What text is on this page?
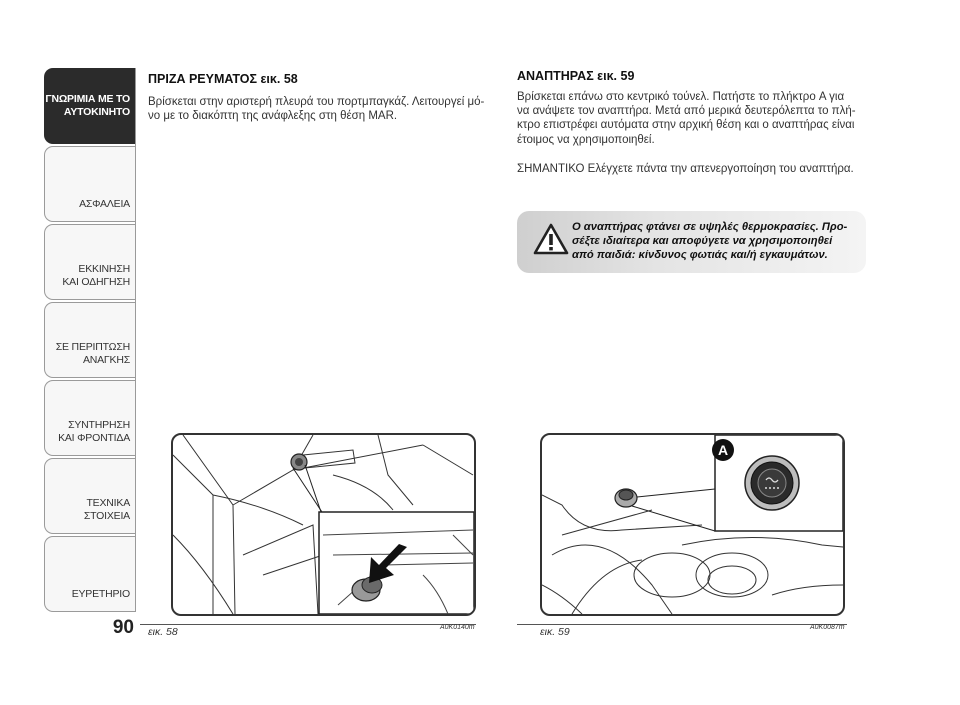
ΓΝΩΡΙΜΙΑ ΜΕ ΤΟ
ΑΥΤΟΚΙΝΗΤΟ
ΑΣΦΑΛΕΙΑ
ΕΚΚΙΝΗΣΗ
ΚΑΙ ΟΔΗΓΗΣΗ
ΣΕ ΠΕΡΙΠΤΩΣΗ
ΑΝΑΓΚΗΣ
ΣΥΝΤΗΡΗΣΗ
ΚΑΙ ΦΡΟΝΤΙΔΑ
ΤΕΧΝΙΚΑ
ΣΤΟΙΧΕΙΑ
ΕΥΡΕΤΗΡΙΟ
90
ΠΡΙΖΑ ΡΕΥΜΑΤΟΣ εικ. 58
Βρίσκεται στην αριστερή πλευρά του πορτμπαγκάζ. Λειτουργεί μό-
νο με το διακόπτη της ανάφλεξης στη θέση MAR.
ΑΝΑΠΤΗΡΑΣ εικ. 59
Βρίσκεται επάνω στο κεντρικό τούνελ. Πατήστε το πλήκτρο A για
να ανάψετε τον αναπτήρα. Μετά από μερικά δευτερόλεπτα το πλή-
κτρο επιστρέφει αυτόματα στην αρχική θέση και ο αναπτήρας είναι
έτοιμος να χρησιμοποιηθεί.
ΣΗΜΑΝΤΙΚΟ Ελέγχετε πάντα την απενεργοποίηση του αναπτήρα.
Ο αναπτήρας φτάνει σε υψηλές θερμοκρασίες. Προ-
σέξτε ιδιαίτερα και αποφύγετε να χρησιμοποιηθεί
από παιδιά: κίνδυνος φωτιάς και/ή εγκαυμάτων.
εικ. 58	A0K0140m
A
εικ. 59	A0K0087m
